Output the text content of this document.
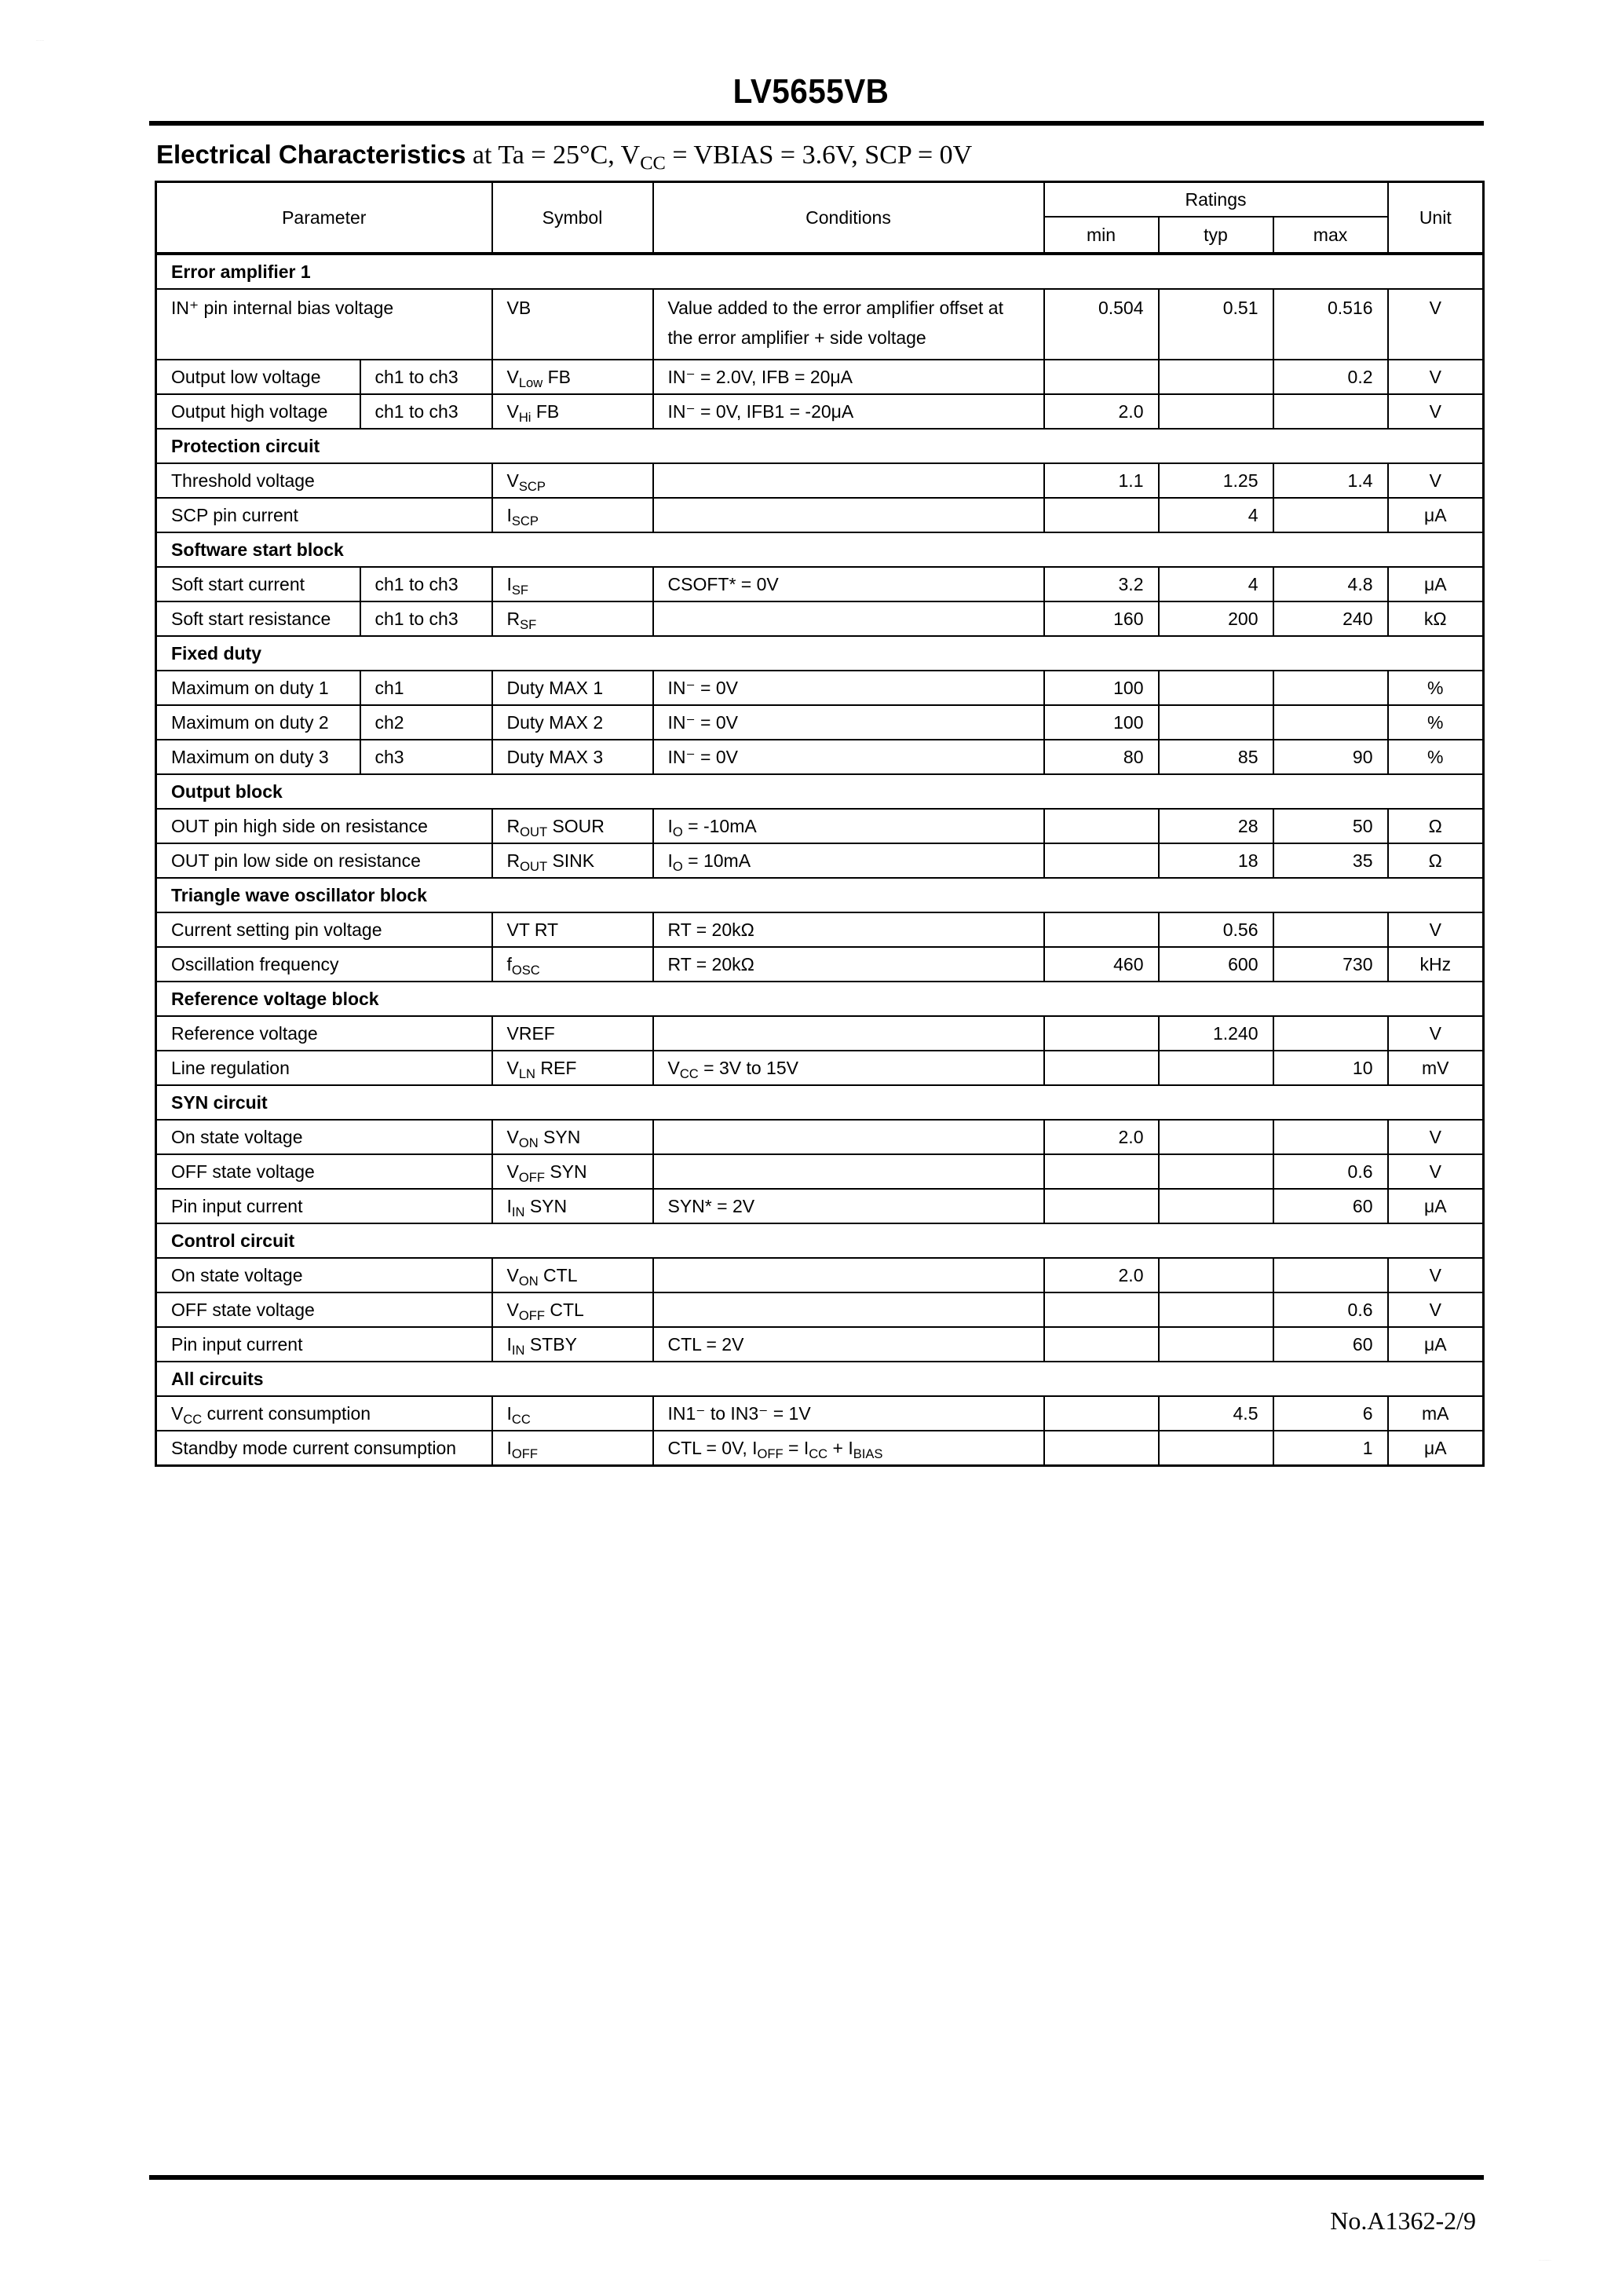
.........
LV5655VB
Electrical Characteristics at Ta = 25°C, $V_{CC}$ = VBIAS = 3.6V, SCP = 0V
Parameter		Symbol	Conditions	Ratings			Unit
				min	typ	max	
Error amplifier 1							
IN⁺ pin internal bias voltage		VB	Value added to the error amplifier offset at the error amplifier + side voltage	0.504	0.51	0.516	V
Output low voltage	ch1 to ch3	$V_{Low}$ FB	IN⁻ = 2.0V, IFB = 20μA			0.2	V
Output high voltage	ch1 to ch3	$V_{Hi}$ FB	IN⁻ = 0V, IFB1 = -20μA	2.0			V
Protection circuit							
Threshold voltage		$V_{SCP}$		1.1	1.25	1.4	V
SCP pin current		$I_{SCP}$			4		μA
Software start block							
Soft start current	ch1 to ch3	$I_{SF}$	CSOFT* = 0V	3.2	4	4.8	μA
Soft start resistance	ch1 to ch3	$R_{SF}$		160	200	240	kΩ
Fixed duty							
Maximum on duty 1	ch1	Duty MAX 1	IN⁻ = 0V	100			%
Maximum on duty 2	ch2	Duty MAX 2	IN⁻ = 0V	100			%
Maximum on duty 3	ch3	Duty MAX 3	IN⁻ = 0V	80	85	90	%
Output block							
OUT pin high side on resistance		$R_{OUT}$ SOUR	$I_O = -10mA$		28	50	Ω
OUT pin low side on resistance		$R_{OUT}$ SINK	$I_O = 10mA$		18	35	Ω
Triangle wave oscillator block							
Current setting pin voltage		VT RT	RT = 20kΩ		0.56		V
Oscillation frequency		$f_{OSC}$	RT = 20kΩ	460	600	730	kHz
Reference voltage block							
Reference voltage		VREF			1.240		V
Line regulation		$V_{LN}$ REF	$V_{CC} = 3V$ to 15V			10	mV
SYN circuit							
On state voltage		$V_{ON}$ SYN		2.0			V
OFF state voltage		$V_{OFF}$ SYN				0.6	V
Pin input current		$I_{IN}$ SYN	SYN* = 2V			60	μA
Control circuit							
On state voltage		$V_{ON}$ CTL		2.0			V
OFF state voltage		$V_{OFF}$ CTL				0.6	V
Pin input current		$I_{IN}$ STBY	CTL = 2V			60	μA
All circuits							
$V_{CC}$ current consumption		$I_{CC}$	IN1⁻ to IN3⁻ = 1V		4.5	6	mA
Standby mode current consumption		$I_{OFF}$	CTL = 0V, $I_{OFF} = I_{CC} + I_{BIAS}$			1	μA
No.A1362-2/9
..............
